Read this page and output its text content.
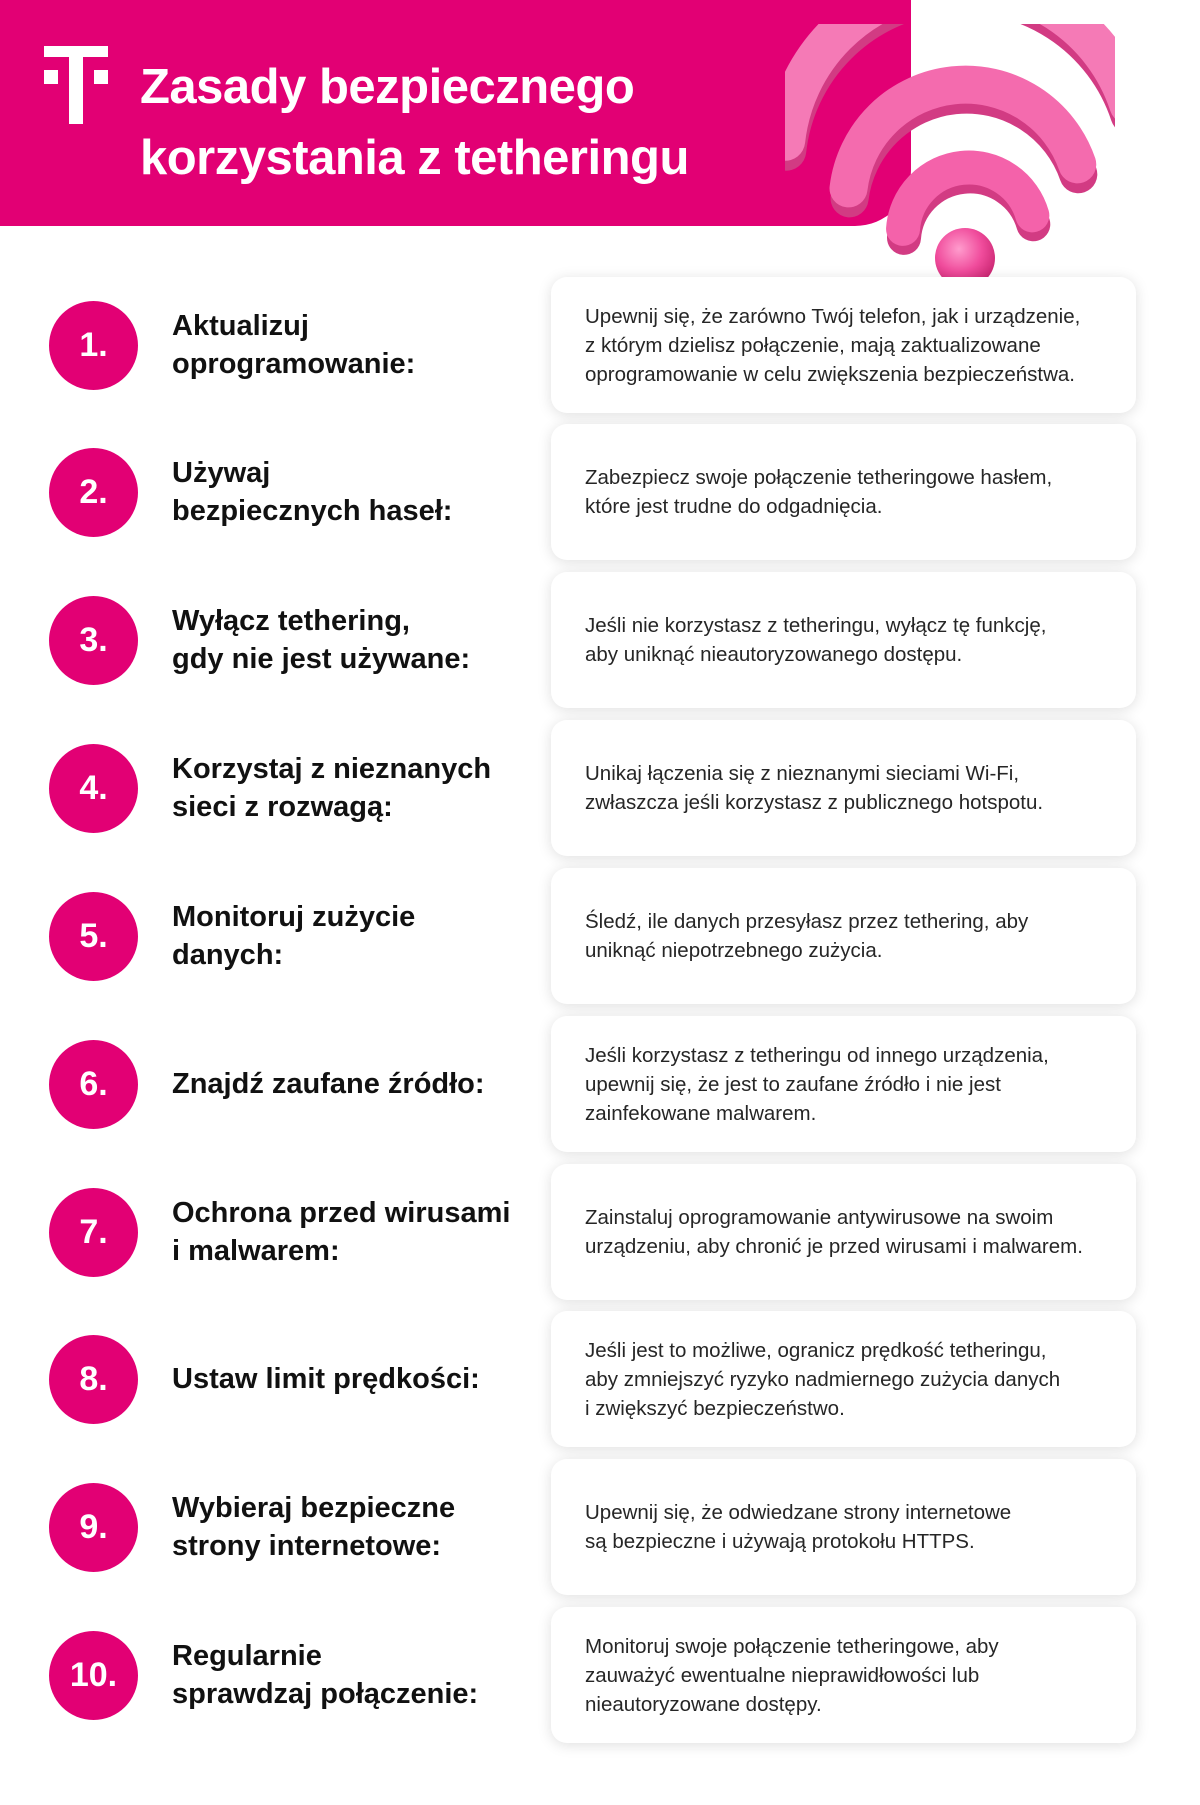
Zasady bezpiecznego
korzystania z tetheringu
1.	Aktualizuj
oprogramowanie:
Upewnij się, że zarówno Twój telefon, jak i urządzenie,
z którym dzielisz połączenie, mają zaktualizowane
oprogramowanie w celu zwiększenia bezpieczeństwa.
2.	Używaj
bezpiecznych haseł:
Zabezpiecz swoje połączenie tetheringowe hasłem,
które jest trudne do odgadnięcia.
3.	Wyłącz tethering,
gdy nie jest używane:
Jeśli nie korzystasz z tetheringu, wyłącz tę funkcję,
aby uniknąć nieautoryzowanego dostępu.
4.	Korzystaj z nieznanych
sieci z rozwagą:
Unikaj łączenia się z nieznanymi sieciami Wi-Fi,
zwłaszcza jeśli korzystasz z publicznego hotspotu.
5.	Monitoruj zużycie
danych:
Śledź, ile danych przesyłasz przez tethering, aby
uniknąć niepotrzebnego zużycia.
6.	Znajdź zaufane źródło:
Jeśli korzystasz z tetheringu od innego urządzenia,
upewnij się, że jest to zaufane źródło i nie jest
zainfekowane malwarem.
7.	Ochrona przed wirusami
i malwarem:
Zainstaluj oprogramowanie antywirusowe na swoim
urządzeniu, aby chronić je przed wirusami i malwarem.
8.	Ustaw limit prędkości:
Jeśli jest to możliwe, ogranicz prędkość tetheringu,
aby zmniejszyć ryzyko nadmiernego zużycia danych
i zwiększyć bezpieczeństwo.
9.	Wybieraj bezpieczne
strony internetowe:
Upewnij się, że odwiedzane strony internetowe
są bezpieczne i używają protokołu HTTPS.
10.	Regularnie
sprawdzaj połączenie:
Monitoruj swoje połączenie tetheringowe, aby
zauważyć ewentualne nieprawidłowości lub
nieautoryzowane dostępy.
